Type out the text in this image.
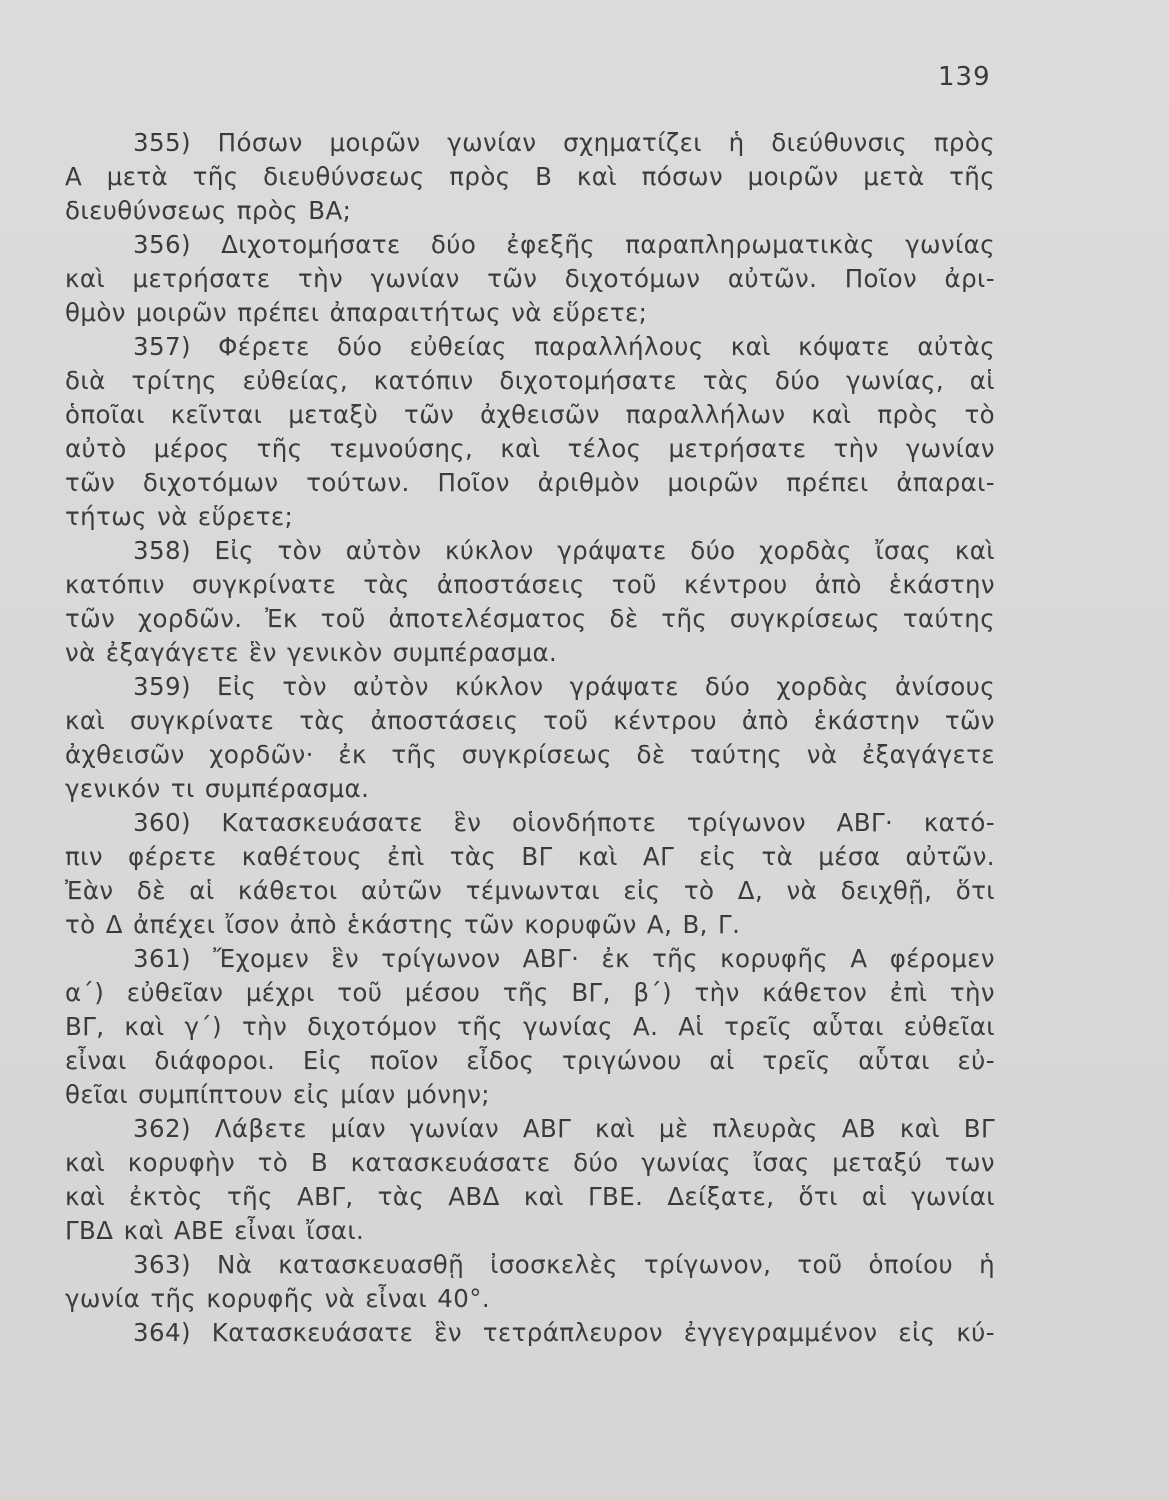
139
355) Πόσων μοιρῶν γωνίαν σχηματίζει ἡ διεύθυνσις πρὸς
Α μετὰ τῆς διευθύνσεως πρὸς Β καὶ πόσων μοιρῶν μετὰ τῆς
διευθύνσεως πρὸς ΒΑ;
356) Διχοτομήσατε δύο ἐφεξῆς παραπληρωματικὰς γωνίας
καὶ μετρήσατε τὴν γωνίαν τῶν διχοτόμων αὐτῶν. Ποῖον ἀρι-
θμὸν μοιρῶν πρέπει ἀπαραιτήτως νὰ εὕρετε;
357) Φέρετε δύο εὐθείας παραλλήλους καὶ κόψατε αὐτὰς
διὰ τρίτης εὐθείας, κατόπιν διχοτομήσατε τὰς δύο γωνίας, αἱ
ὁποῖαι κεῖνται μεταξὺ τῶν ἀχθεισῶν παραλλήλων καὶ πρὸς τὸ
αὐτὸ μέρος τῆς τεμνούσης, καὶ τέλος μετρήσατε τὴν γωνίαν
τῶν διχοτόμων τούτων. Ποῖον ἀριθμὸν μοιρῶν πρέπει ἀπαραι-
τήτως νὰ εὕρετε;
358) Εἰς τὸν αὐτὸν κύκλον γράψατε δύο χορδὰς ἴσας καὶ
κατόπιν συγκρίνατε τὰς ἀποστάσεις τοῦ κέντρου ἀπὸ ἑκάστην
τῶν χορδῶν. Ἐκ τοῦ ἀποτελέσματος δὲ τῆς συγκρίσεως ταύτης
νὰ ἐξαγάγετε ἓν γενικὸν συμπέρασμα.
359) Εἰς τὸν αὐτὸν κύκλον γράψατε δύο χορδὰς ἀνίσους
καὶ συγκρίνατε τὰς ἀποστάσεις τοῦ κέντρου ἀπὸ ἑκάστην τῶν
ἀχθεισῶν χορδῶν· ἐκ τῆς συγκρίσεως δὲ ταύτης νὰ ἐξαγάγετε
γενικόν τι συμπέρασμα.
360) Κατασκευάσατε ἓν οἱονδήποτε τρίγωνον ΑΒΓ· κατό-
πιν φέρετε καθέτους ἐπὶ τὰς ΒΓ καὶ ΑΓ εἰς τὰ μέσα αὐτῶν.
Ἐὰν δὲ αἱ κάθετοι αὐτῶν τέμνωνται εἰς τὸ Δ, νὰ δειχθῇ, ὅτι
τὸ Δ ἀπέχει ἴσον ἀπὸ ἑκάστης τῶν κορυφῶν Α, Β, Γ.
361) Ἔχομεν ἓν τρίγωνον ΑΒΓ· ἐκ τῆς κορυφῆς Α φέρομεν
α΄) εὐθεῖαν μέχρι τοῦ μέσου τῆς ΒΓ, β΄) τὴν κάθετον ἐπὶ τὴν
ΒΓ, καὶ γ΄) τὴν διχοτόμον τῆς γωνίας Α. Αἱ τρεῖς αὗται εὐθεῖαι
εἶναι διάφοροι. Εἰς ποῖον εἶδος τριγώνου αἱ τρεῖς αὗται εὐ-
θεῖαι συμπίπτουν εἰς μίαν μόνην;
362) Λάβετε μίαν γωνίαν ΑΒΓ καὶ μὲ πλευρὰς ΑΒ καὶ ΒΓ
καὶ κορυφὴν τὸ Β κατασκευάσατε δύο γωνίας ἴσας μεταξύ των
καὶ ἐκτὸς τῆς ΑΒΓ, τὰς ΑΒΔ καὶ ΓΒΕ. Δείξατε, ὅτι αἱ γωνίαι
ΓΒΔ καὶ ΑΒΕ εἶναι ἴσαι.
363) Νὰ κατασκευασθῇ ἰσοσκελὲς τρίγωνον, τοῦ ὁποίου ἡ
γωνία τῆς κορυφῆς νὰ εἶναι 40°.
364) Κατασκευάσατε ἓν τετράπλευρον ἐγγεγραμμένον εἰς κύ-
